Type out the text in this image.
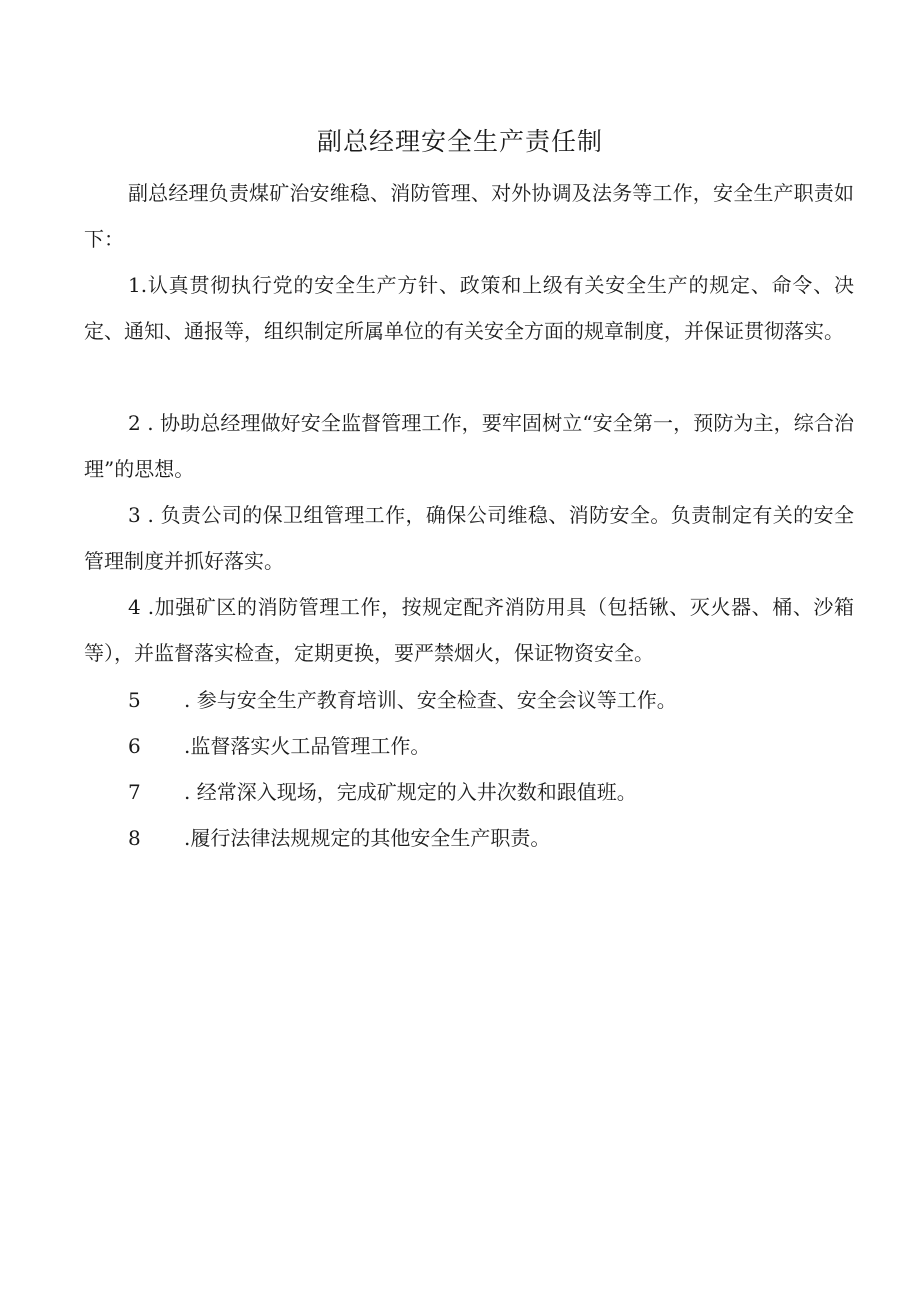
副总经理安全生产责任制

副总经理负责煤矿治安维稳、消防管理、对外协调及法务等工作，安全生产职责如下：

1.认真贯彻执行党的安全生产方针、政策和上级有关安全生产的规定、命令、决定、通知、通报等，组织制定所属单位的有关安全方面的规章制度，并保证贯彻落实。

2 . 协助总经理做好安全监督管理工作，要牢固树立“安全第一，预防为主，综合治理”的思想。

3 . 负责公司的保卫组管理工作，确保公司维稳、消防安全。负责制定有关的安全管理制度并抓好落实。

4 .加强矿区的消防管理工作，按规定配齐消防用具（包括锹、灭火器、桶、沙箱等），并监督落实检查，定期更换，要严禁烟火，保证物资安全。

5 . 参与安全生产教育培训、安全检查、安全会议等工作。

6 .监督落实火工品管理工作。

7 . 经常深入现场，完成矿规定的入井次数和跟值班。

8 .履行法律法规规定的其他安全生产职责。
